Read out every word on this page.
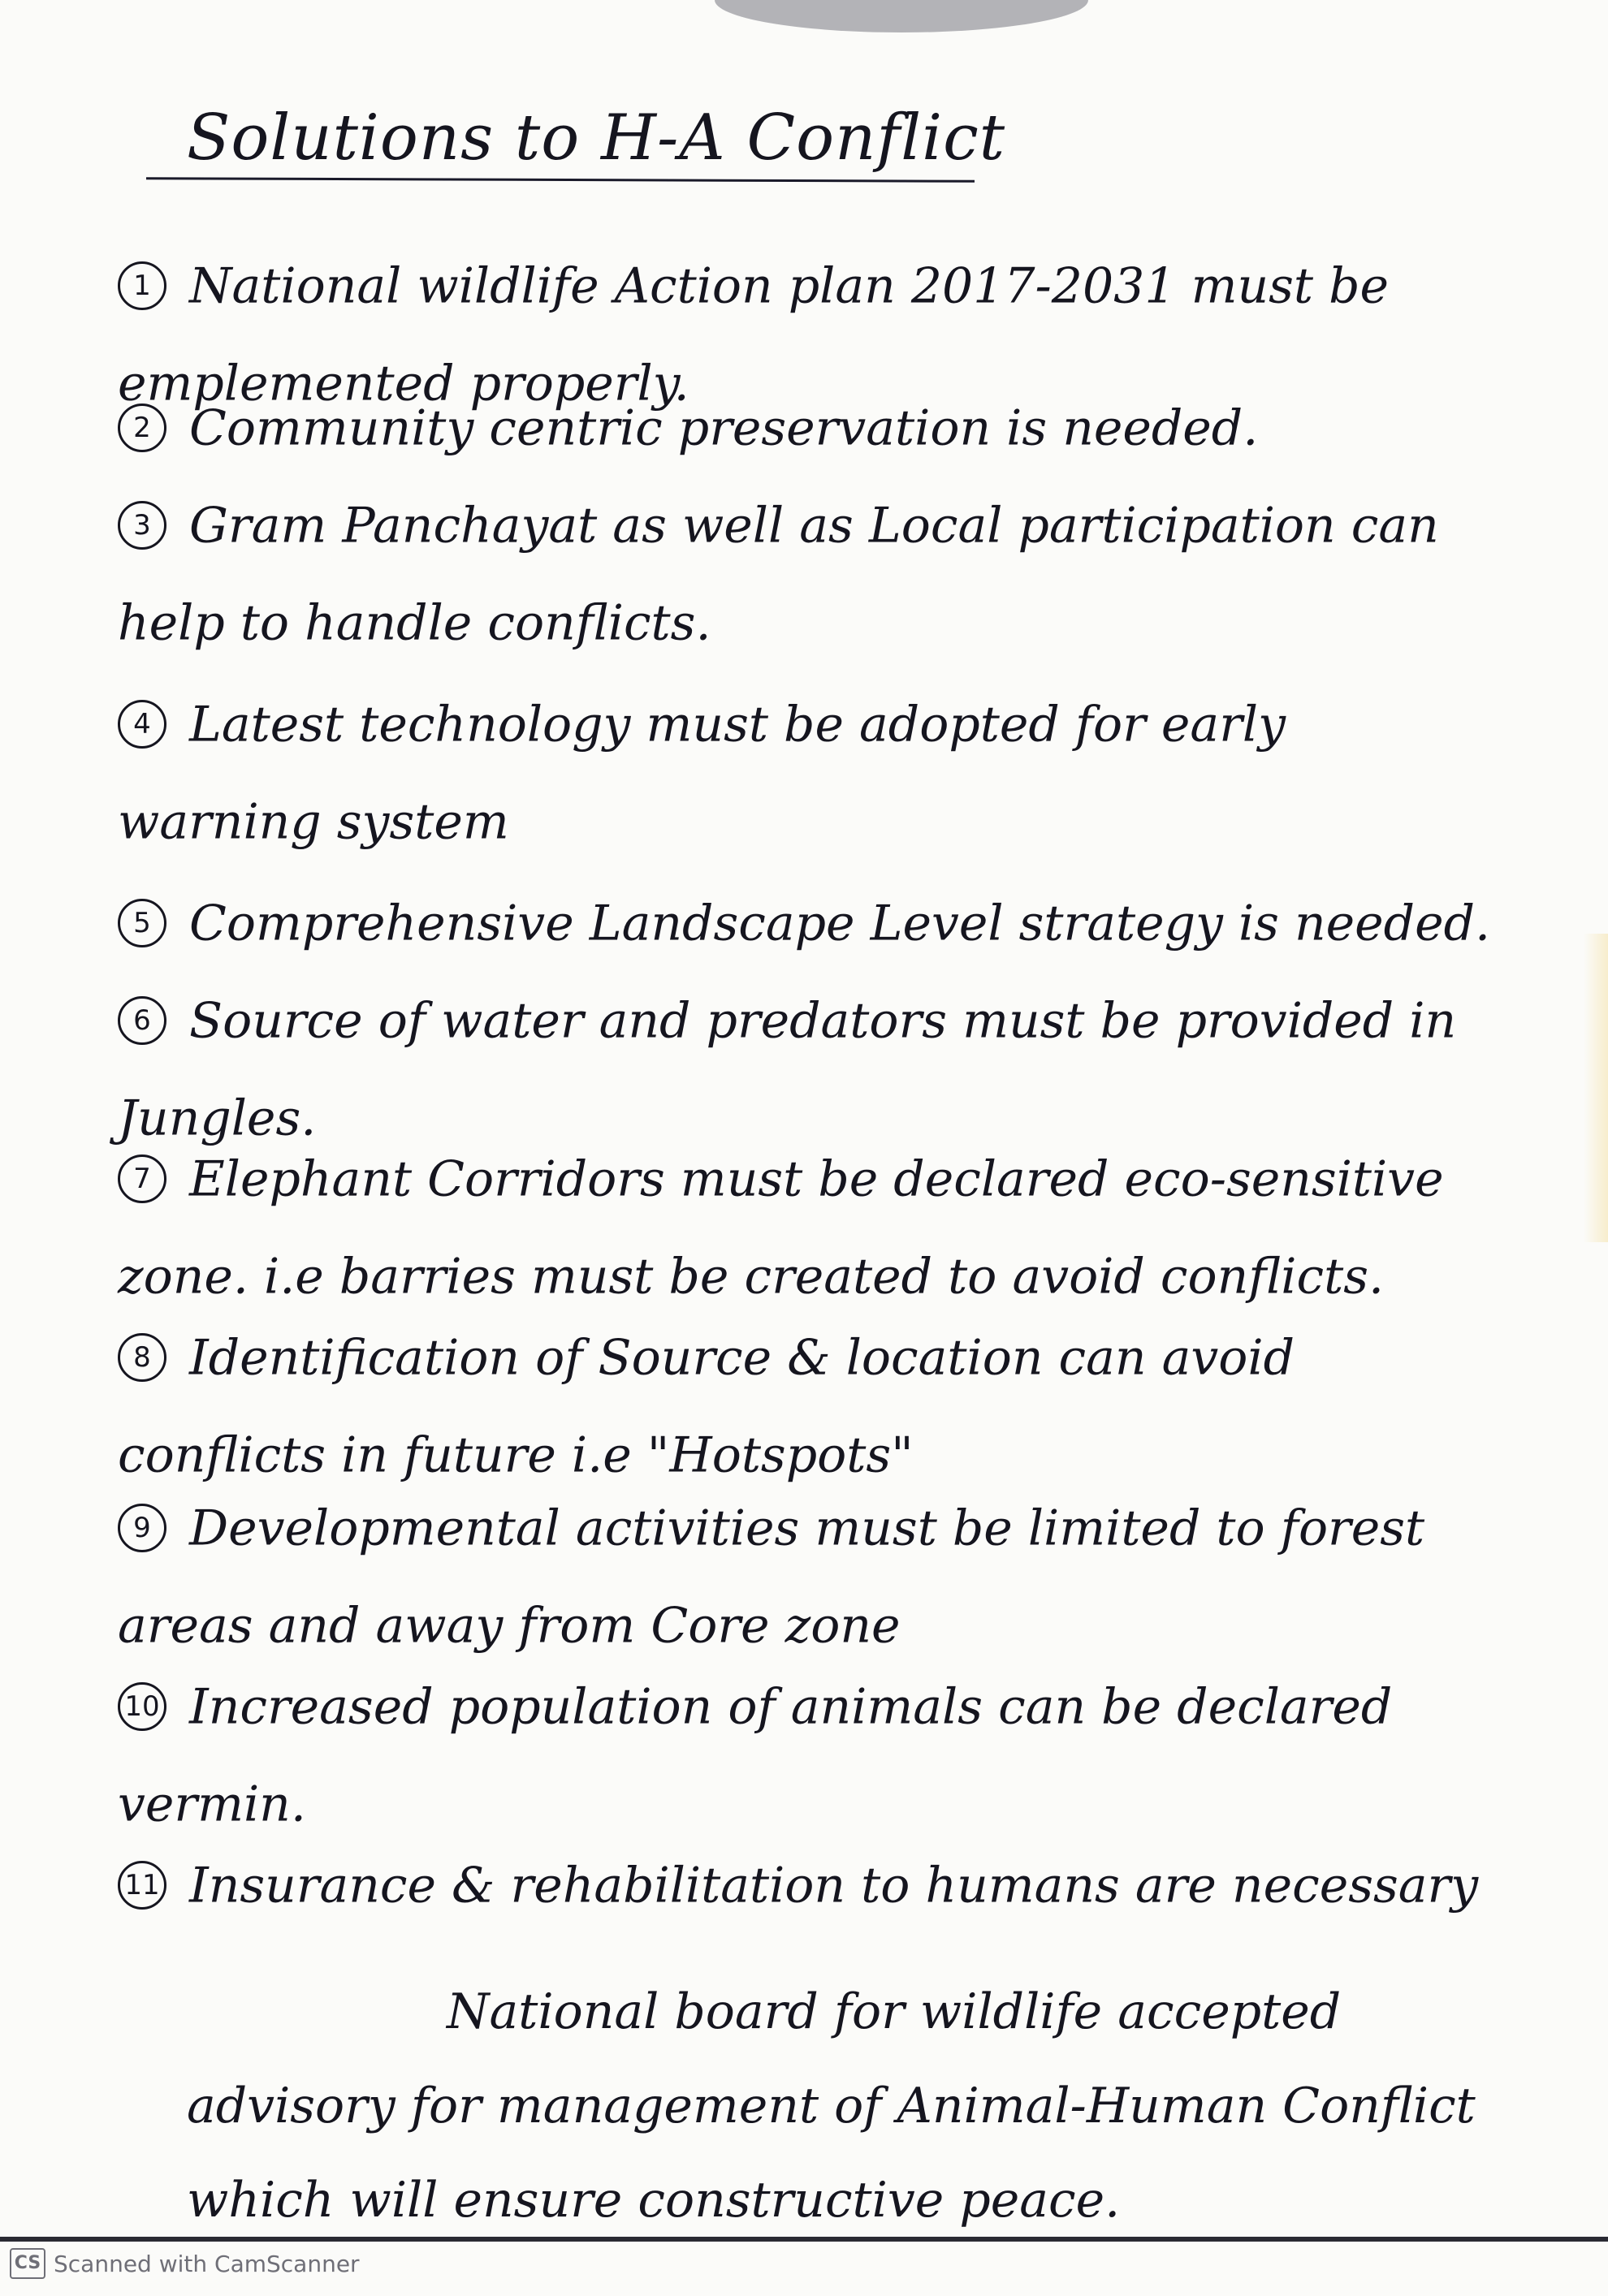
Solutions to H-A Conflict
1 National wildlife Action plan 2017-2031 must be emplemented properly.
2 Community centric preservation is needed.
3 Gram Panchayat as well as Local participation can help to handle conflicts.
4 Latest technology must be adopted for early warning system
5 Comprehensive Landscape Level strategy is needed.
6 Source of water and predators must be provided in Jungles.
7 Elephant Corridors must be declared eco-sensitive zone. i.e barries must be created to avoid conflicts.
8 Identification of Source & location can avoid conflicts in future i.e "Hotspots"
9 Developmental activities must be limited to forest areas and away from Core zone
10 Increased population of animals can be declared vermin.
11 Insurance & rehabilitation to humans are necessary
National board for wildlife accepted advisory for management of Animal-Human Conflict which will ensure constructive peace.
CS Scanned with CamScanner
